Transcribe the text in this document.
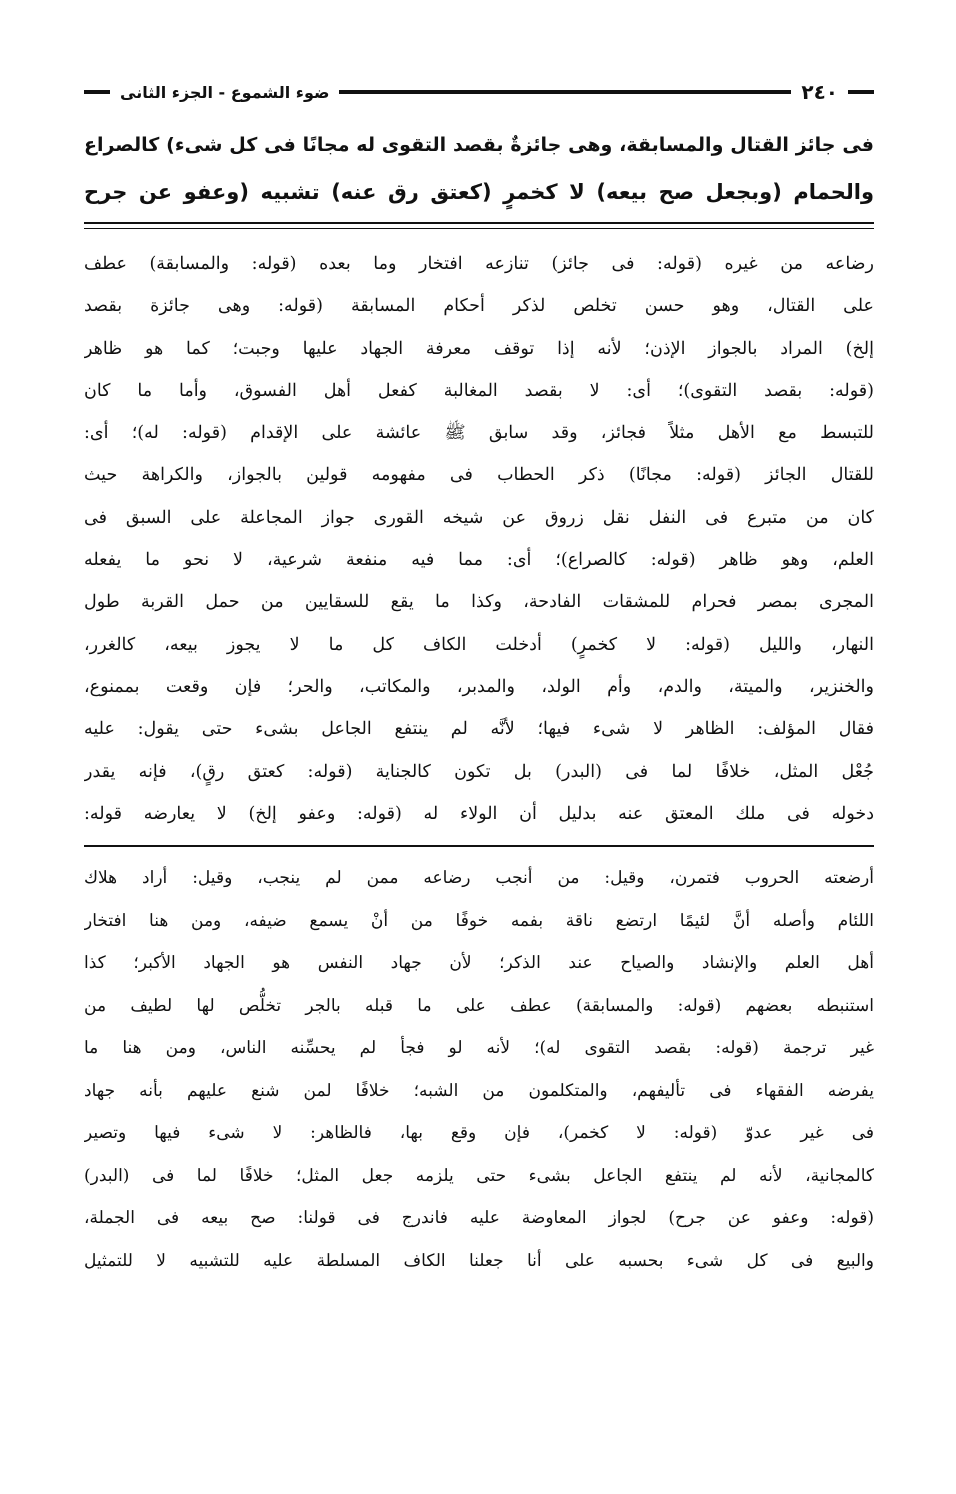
٢٤٠
ضوء الشموع - الجزء الثانى

فى جائز القتال والمسابقة، وهى جائزةٌ بقصد التقوى له مجانًا فى كل شىء) كالصراع

والحمام (وبجعل صح بيعه) لا كخمرٍ (كعتق رق عنه) تشبيه (وعفو عن جرح

رضاعه من غيره (قوله: فى جائز) تنازعه افتخار وما بعده (قوله: والمسابقة) عطف

على القتال، وهو حسن تخلص لذكر أحكام المسابقة (قوله: وهى جائزة بقصد

إلخ) المراد بالجواز الإذن؛ لأنه إذا توقف معرفة الجهاد عليها وجبت؛ كما هو ظاهر

(قوله: بقصد التقوى)؛ أى: لا بقصد المغالبة كفعل أهل الفسوق، وأما ما كان

للتبسط مع الأهل مثلاً فجائز، وقد سابق ﷺ عائشة على الإقدام (قوله: له)؛ أى:

للقتال الجائز (قوله: مجانًا) ذكر الحطاب فى مفهومه قولين بالجواز، والكراهة حيث

كان من متبرع فى النفل نقل زروق عن شيخه القورى جواز المجاعلة على السبق فى

العلم، وهو ظاهر (قوله: كالصراع)؛ أى: مما فيه منفعة شرعية، لا نحو ما يفعله

المجرى بمصر فحرام للمشقات الفادحة، وكذا ما يقع للسقايين من حمل القربة طول

النهار، والليل (قوله: لا كخمرٍ) أدخلت الكاف كل ما لا يجوز بيعه، كالغرر،

والخنزير، والميتة، والدم، وأم الولد، والمدبر، والمكاتب، والحر؛ فإن وقعت بممنوع،

فقال المؤلف: الظاهر لا شىء فيها؛ لأنَّه لم ينتفع الجاعل بشىء حتى يقول: عليه

جُعْل المثل، خلافًا لما فى (البدر) بل تكون كالجناية (قوله: كعتق رقٍ)، فإنه يقدر

دخوله فى ملك المعتق عنه بدليل أن الولاء له (قوله: وعفو إلخ) لا يعارضه قوله:

أرضعته الحروب فتمرن، وقيل: من أنجب رضاعه ممن لم ينجب، وقيل: أراد هلاك

اللئام وأصله أنَّ لئيمًا ارتضع ناقة بفمه خوفًا من أنْ يسمع ضيفه، ومن هنا افتخار

أهل العلم والإنشاد والصياح عند الذكر؛ لأن جهاد النفس هو الجهاد الأكبر؛ كذا

استنبطه بعضهم (قوله: والمسابقة) عطف على ما قبله بالجر تخلُّص لها لطيف من

غير ترجمة (قوله: بقصد التقوى له)؛ لأنه لو فجأ لم يحسِّنه الناس، ومن هنا ما

يفرضه الفقهاء فى تأليفهم، والمتكلمون من الشبه؛ خلافًا لمن شنع عليهم بأنه جهاد

فى غير عدوّ (قوله: لا كخمر)، فإن وقع بها، فالظاهر: لا شىء فيها وتصير

كالمجانية، لأنه لم ينتفع الجاعل بشىء حتى يلزمه جعل المثل؛ خلافًا لما فى (البدر)

(قوله: وعفو عن جرح) لجواز المعاوضة عليه فاندرج فى قولنا: صح بيعه فى الجملة،

والبيع فى كل شىء بحسبه على أنا جعلنا الكاف المسلطة عليه للتشبيه لا للتمثيل
